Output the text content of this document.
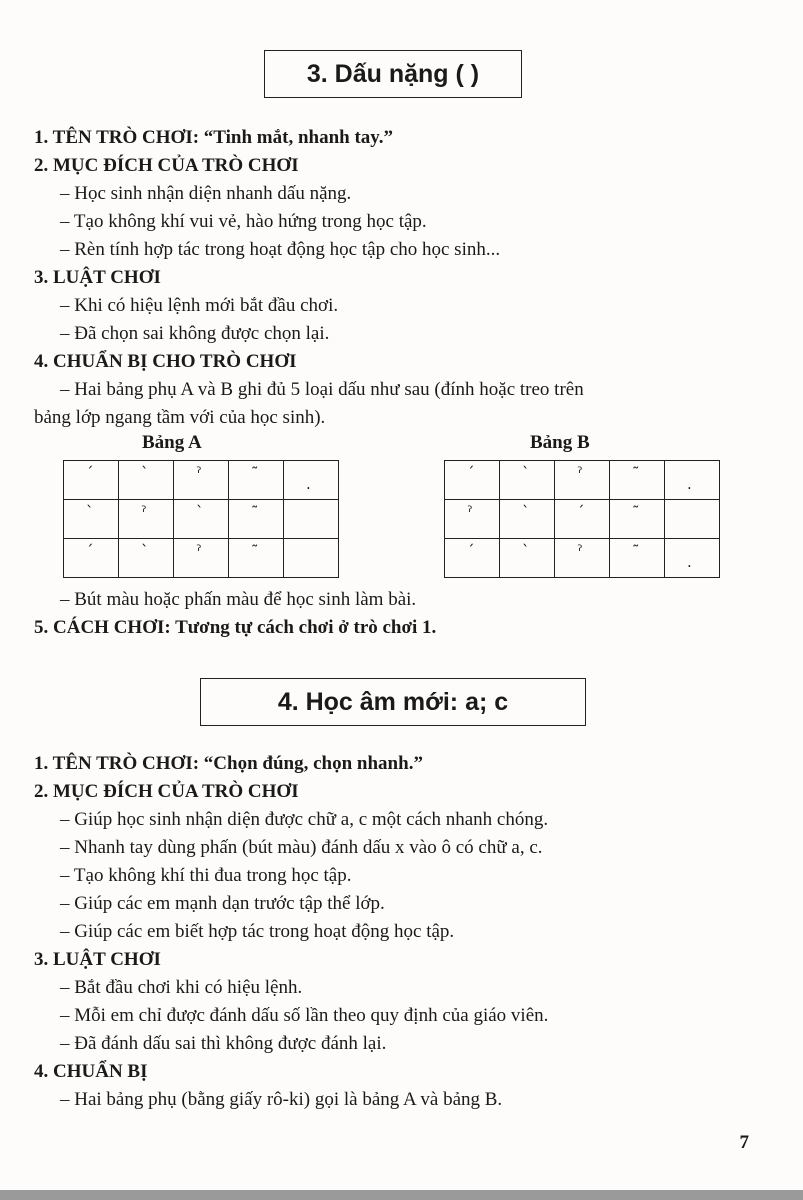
3. Dấu nặng ( )
1. TÊN TRÒ CHƠI: “Tinh mắt, nhanh tay.”
2. MỤC ĐÍCH CỦA TRÒ CHƠI
– Học sinh nhận diện nhanh dấu nặng.
– Tạo không khí vui vẻ, hào hứng trong học tập.
– Rèn tính hợp tác trong hoạt động học tập cho học sinh...
3. LUẬT CHƠI
– Khi có hiệu lệnh mới bắt đầu chơi.
– Đã chọn sai không được chọn lại.
4. CHUẨN BỊ CHO TRÒ CHƠI
– Hai bảng phụ A và B ghi đủ 5 loại dấu như sau (đính hoặc treo trên
bảng lớp ngang tầm với của học sinh).
Bảng A	Bảng B
ˊ	ˋ	ˀ	˜	.

ˋ	ˀ	ˋ	˜	

ˊ	ˋ	ˀ	˜	

ˊ	ˋ	ˀ	˜	.

ˀ	ˋ	ˊ	˜	

ˊ	ˋ	ˀ	˜	.
– Bút màu hoặc phấn màu để học sinh làm bài.
5. CÁCH CHƠI: Tương tự cách chơi ở trò chơi 1.
4. Học âm mới: a; c
1. TÊN TRÒ CHƠI: “Chọn đúng, chọn nhanh.”
2. MỤC ĐÍCH CỦA TRÒ CHƠI
– Giúp học sinh nhận diện được chữ a, c một cách nhanh chóng.
– Nhanh tay dùng phấn (bút màu) đánh dấu x vào ô có chữ a, c.
– Tạo không khí thi đua trong học tập.
– Giúp các em mạnh dạn trước tập thể lớp.
– Giúp các em biết hợp tác trong hoạt động học tập.
3. LUẬT CHƠI
– Bắt đầu chơi khi có hiệu lệnh.
– Mỗi em chỉ được đánh dấu số lần theo quy định của giáo viên.
– Đã đánh dấu sai thì không được đánh lại.
4. CHUẨN BỊ
– Hai bảng phụ (bằng giấy rô-ki) gọi là bảng A và bảng B.
7
